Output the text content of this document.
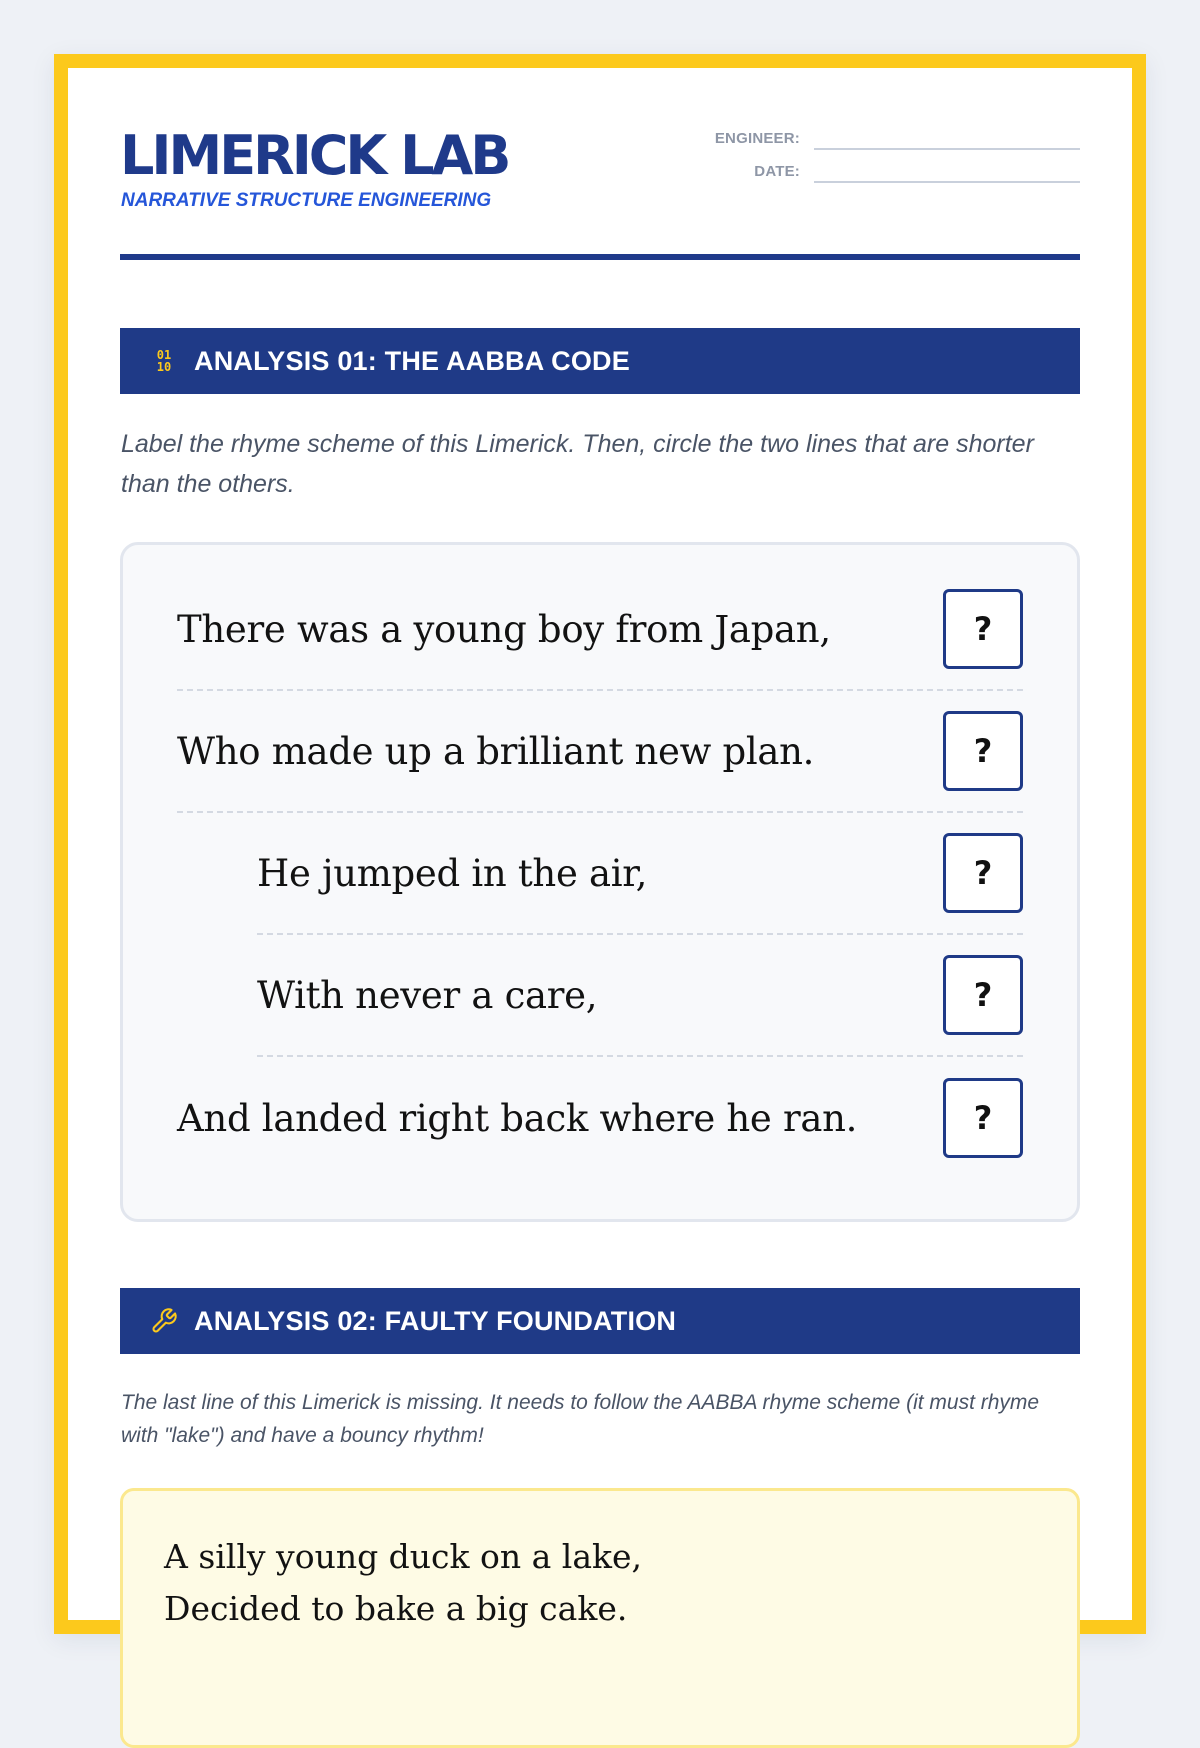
LIMERICK LAB
NARRATIVE STRUCTURE ENGINEERING
ENGINEER:
DATE:
01
10 ANALYSIS 01: THE AABBA CODE

Label the rhyme scheme of this Limerick. Then, circle the two lines that are shorter than the others.

There was a young boy from Japan,	?
Who made up a brilliant new plan.	?
He jumped in the air,	?
With never a care,	?
And landed right back where he ran.	?
ANALYSIS 02: FAULTY FOUNDATION

The last line of this Limerick is missing. It needs to follow the AABBA rhyme scheme (it must rhyme with "lake") and have a bouncy rhythm!

A silly young duck on a lake,
Decided to bake a big cake.
